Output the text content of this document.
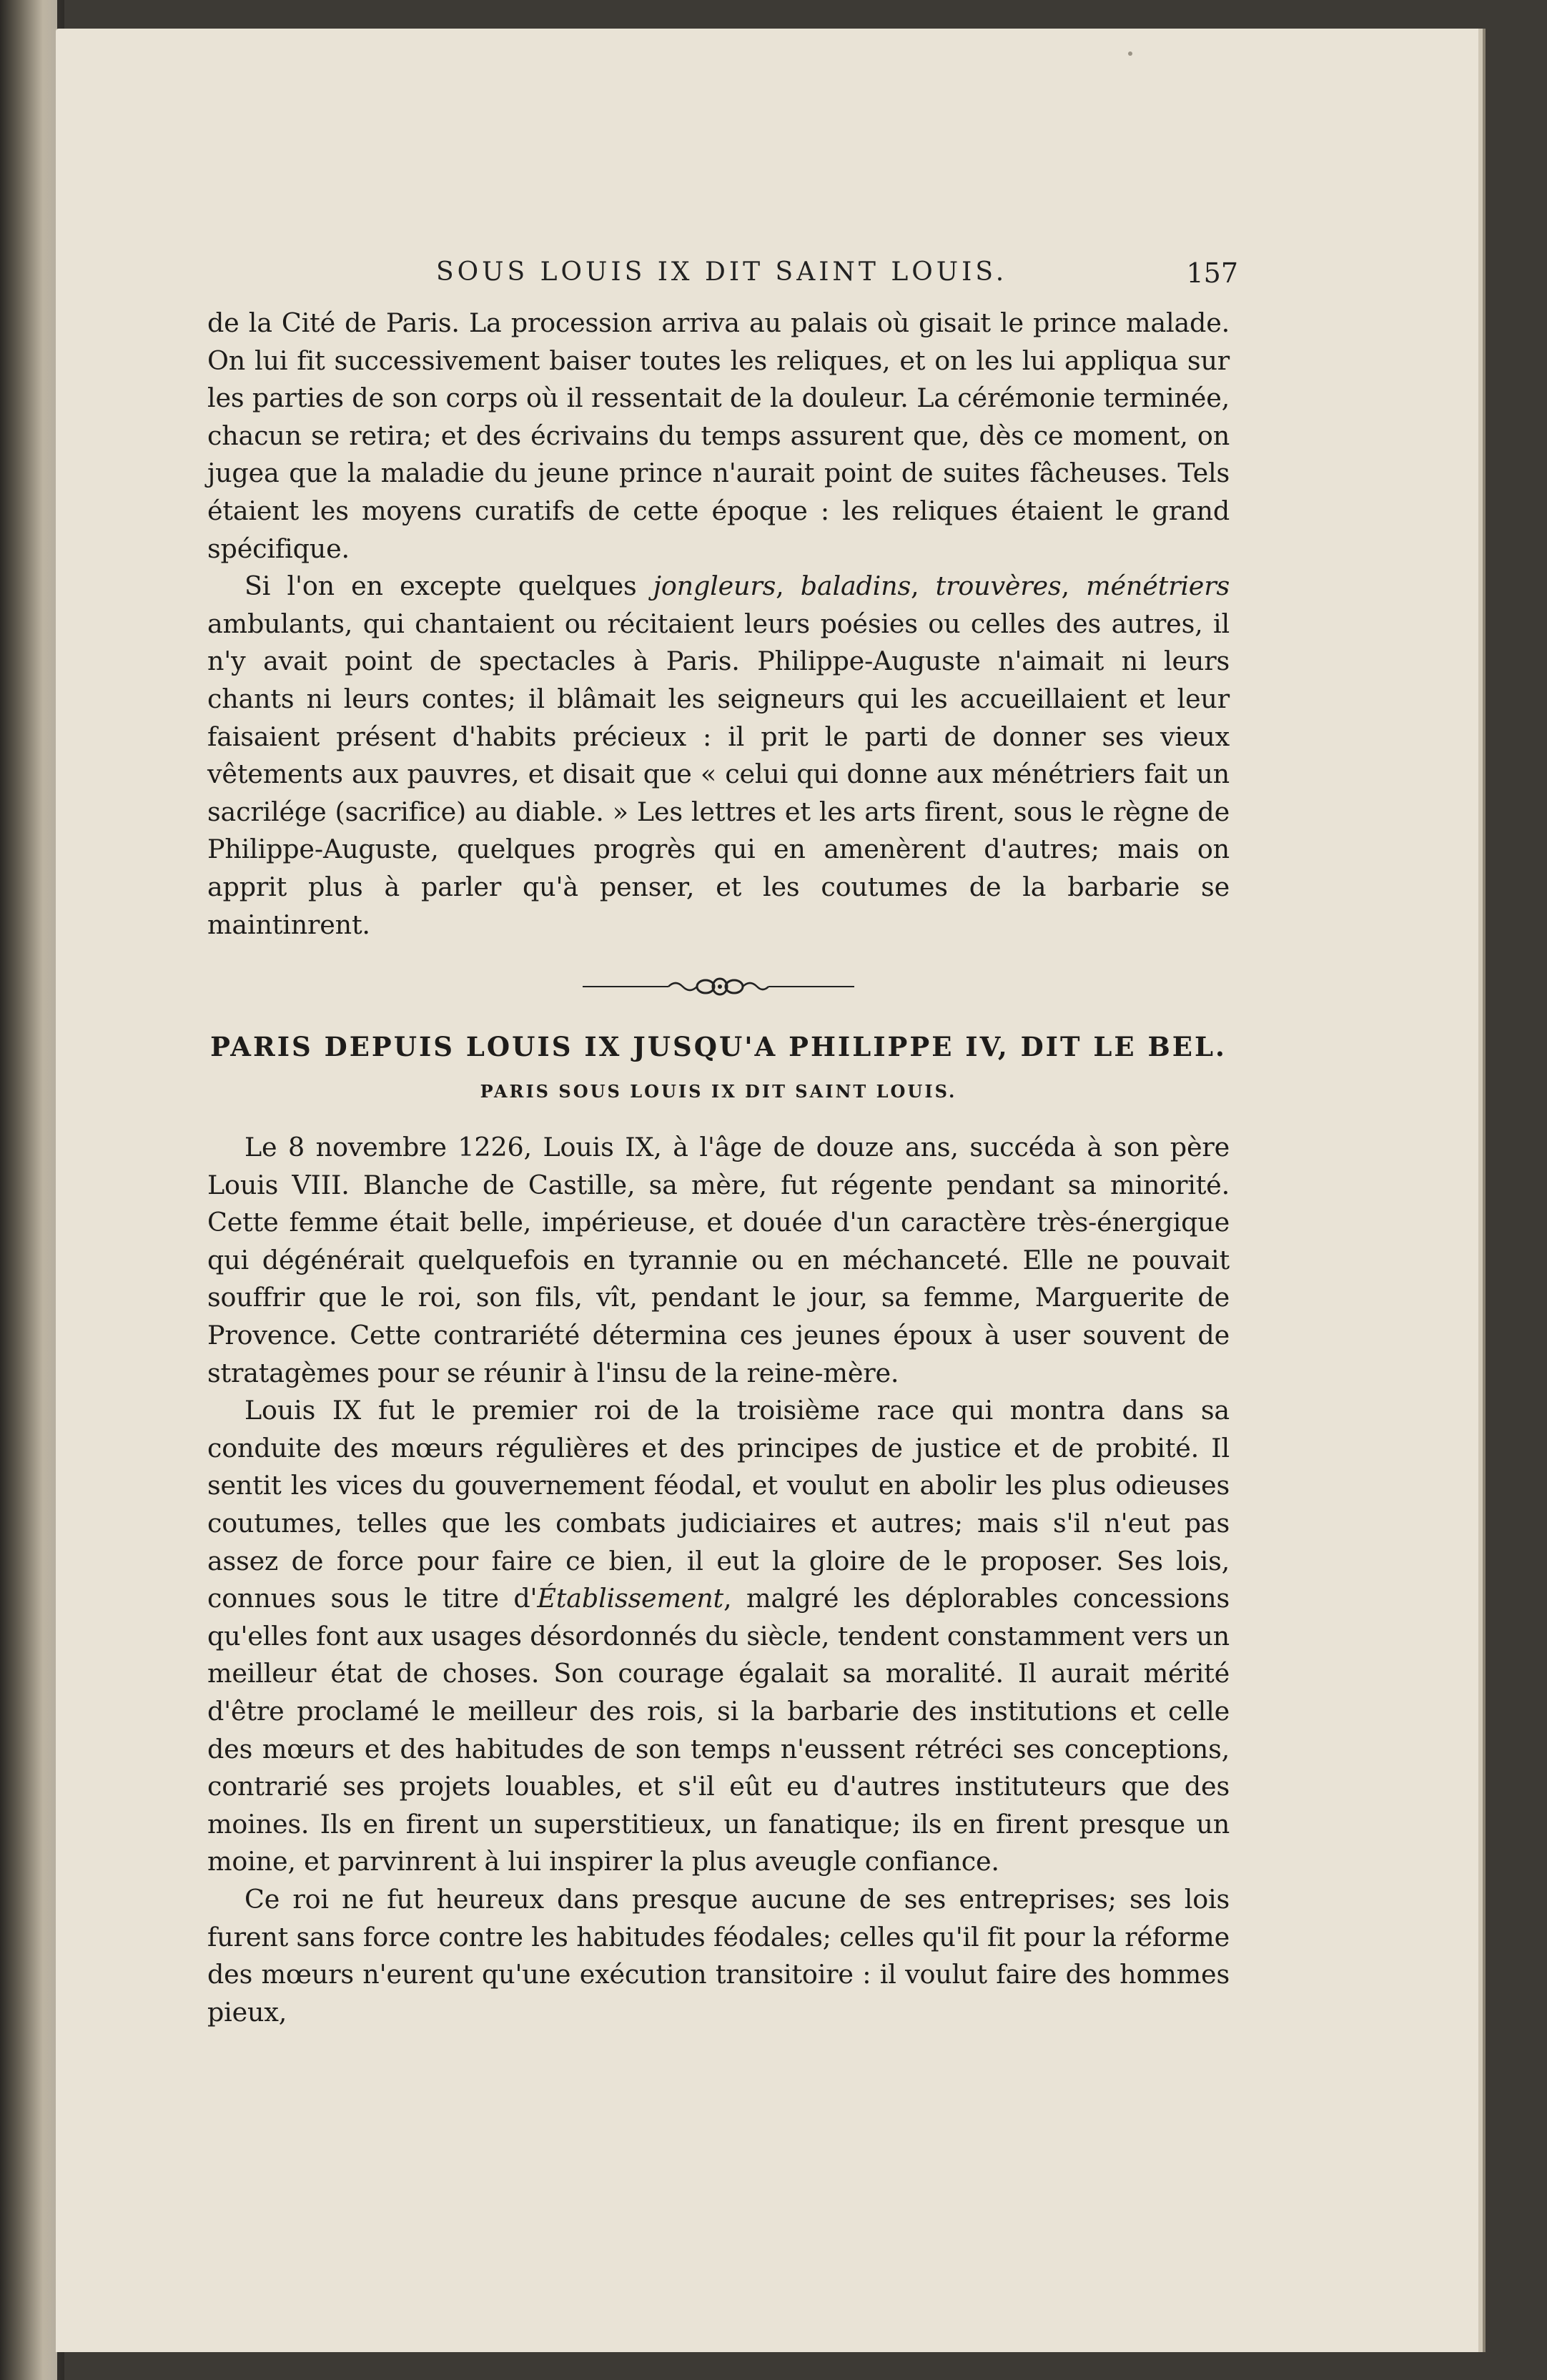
SOUS LOUIS IX DIT SAINT LOUIS.	157

de la Cité de Paris. La procession arriva au palais où gisait le prince malade. On lui fit successivement baiser toutes les reliques, et on les lui appliqua sur les parties de son corps où il ressentait de la douleur. La cérémonie terminée, chacun se retira; et des écrivains du temps assurent que, dès ce moment, on jugea que la maladie du jeune prince n'aurait point de suites fâcheuses. Tels étaient les moyens curatifs de cette époque : les reliques étaient le grand spécifique.

Si l'on en excepte quelques jongleurs, baladins, trouvères, ménétriers ambulants, qui chantaient ou récitaient leurs poésies ou celles des autres, il n'y avait point de spectacles à Paris. Philippe-Auguste n'aimait ni leurs chants ni leurs contes; il blâmait les seigneurs qui les accueillaient et leur faisaient présent d'habits précieux : il prit le parti de donner ses vieux vêtements aux pauvres, et disait que « celui qui donne aux ménétriers fait un sacrilége (sacrifice) au diable. » Les lettres et les arts firent, sous le règne de Philippe-Auguste, quelques progrès qui en amenèrent d'autres; mais on apprit plus à parler qu'à penser, et les coutumes de la barbarie se maintinrent.

PARIS DEPUIS LOUIS IX JUSQU'A PHILIPPE IV, DIT LE BEL.
PARIS SOUS LOUIS IX DIT SAINT LOUIS.

Le 8 novembre 1226, Louis IX, à l'âge de douze ans, succéda à son père Louis VIII. Blanche de Castille, sa mère, fut régente pendant sa minorité. Cette femme était belle, impérieuse, et douée d'un caractère très-énergique qui dégénérait quelquefois en tyrannie ou en méchanceté. Elle ne pouvait souffrir que le roi, son fils, vît, pendant le jour, sa femme, Marguerite de Provence. Cette contrariété détermina ces jeunes époux à user souvent de stratagèmes pour se réunir à l'insu de la reine-mère.

Louis IX fut le premier roi de la troisième race qui montra dans sa conduite des mœurs régulières et des principes de justice et de probité. Il sentit les vices du gouvernement féodal, et voulut en abolir les plus odieuses coutumes, telles que les combats judiciaires et autres; mais s'il n'eut pas assez de force pour faire ce bien, il eut la gloire de le proposer. Ses lois, connues sous le titre d'Établissement, malgré les déplorables concessions qu'elles font aux usages désordonnés du siècle, tendent constamment vers un meilleur état de choses. Son courage égalait sa moralité. Il aurait mérité d'être proclamé le meilleur des rois, si la barbarie des institutions et celle des mœurs et des habitudes de son temps n'eussent rétréci ses conceptions, contrarié ses projets louables, et s'il eût eu d'autres instituteurs que des moines. Ils en firent un superstitieux, un fanatique; ils en firent presque un moine, et parvinrent à lui inspirer la plus aveugle confiance.

Ce roi ne fut heureux dans presque aucune de ses entreprises; ses lois furent sans force contre les habitudes féodales; celles qu'il fit pour la réforme des mœurs n'eurent qu'une exécution transitoire : il voulut faire des hommes pieux,
